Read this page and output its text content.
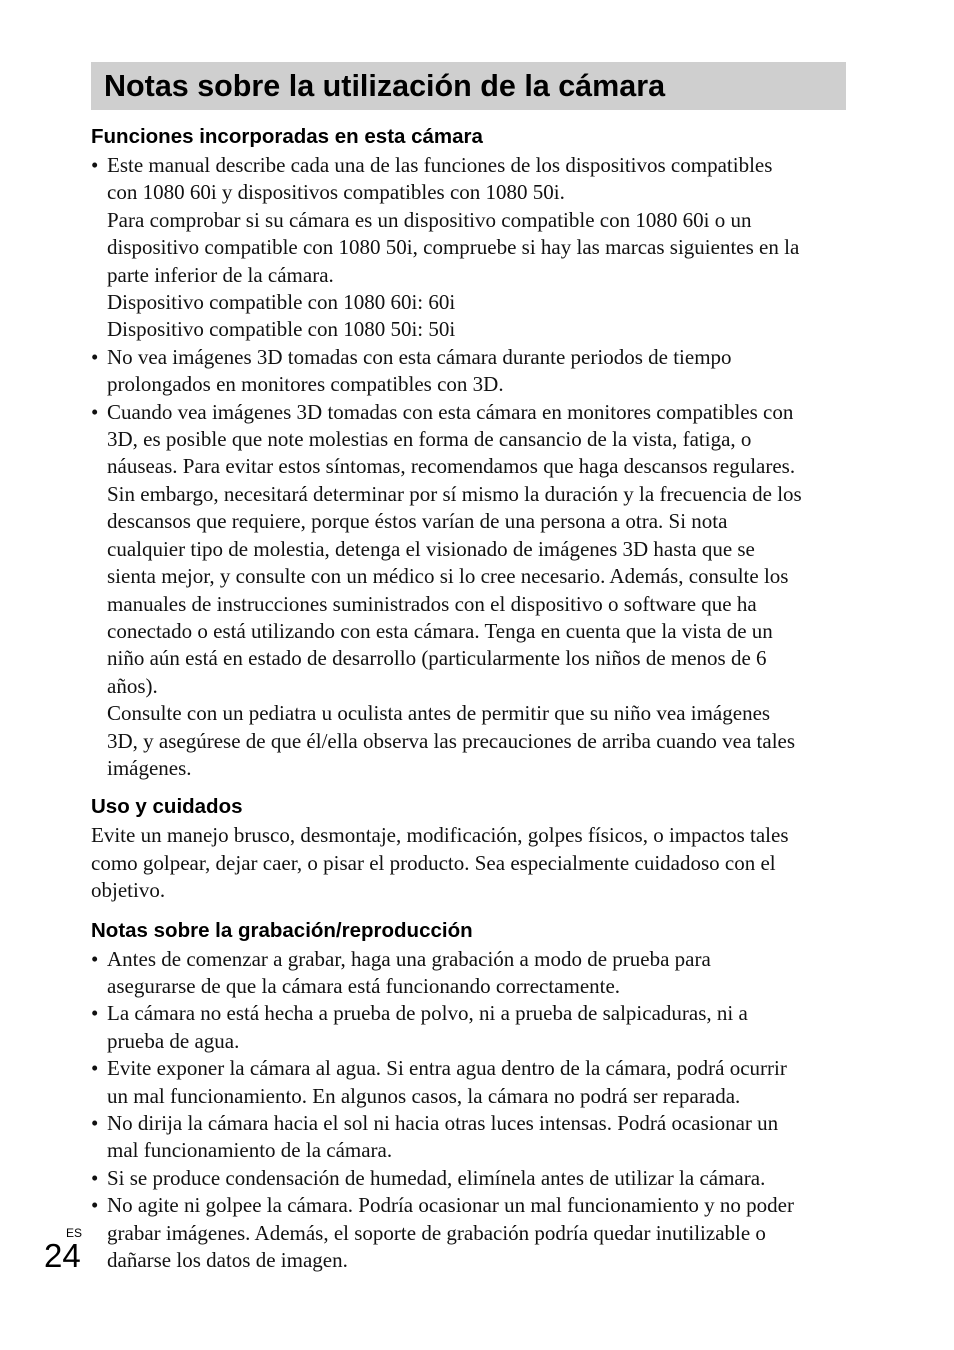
Notas sobre la utilización de la cámara
Funciones incorporadas en esta cámara
• Este manual describe cada una de las funciones de los dispositivos compatibles
con 1080 60i y dispositivos compatibles con 1080 50i.
Para comprobar si su cámara es un dispositivo compatible con 1080 60i o un
dispositivo compatible con 1080 50i, compruebe si hay las marcas siguientes en la
parte inferior de la cámara.
Dispositivo compatible con 1080 60i: 60i
Dispositivo compatible con 1080 50i: 50i
• No vea imágenes 3D tomadas con esta cámara durante periodos de tiempo
prolongados en monitores compatibles con 3D.
• Cuando vea imágenes 3D tomadas con esta cámara en monitores compatibles con
3D, es posible que note molestias en forma de cansancio de la vista, fatiga, o
náuseas. Para evitar estos síntomas, recomendamos que haga descansos regulares.
Sin embargo, necesitará determinar por sí mismo la duración y la frecuencia de los
descansos que requiere, porque éstos varían de una persona a otra. Si nota
cualquier tipo de molestia, detenga el visionado de imágenes 3D hasta que se
sienta mejor, y consulte con un médico si lo cree necesario. Además, consulte los
manuales de instrucciones suministrados con el dispositivo o software que ha
conectado o está utilizando con esta cámara. Tenga en cuenta que la vista de un
niño aún está en estado de desarrollo (particularmente los niños de menos de 6
años).
Consulte con un pediatra u oculista antes de permitir que su niño vea imágenes
3D, y asegúrese de que él/ella observa las precauciones de arriba cuando vea tales
imágenes.
Uso y cuidados

Evite un manejo brusco, desmontaje, modificación, golpes físicos, o impactos tales
como golpear, dejar caer, o pisar el producto. Sea especialmente cuidadoso con el
objetivo.

Notas sobre la grabación/reproducción
• Antes de comenzar a grabar, haga una grabación a modo de prueba para
asegurarse de que la cámara está funcionando correctamente.
• La cámara no está hecha a prueba de polvo, ni a prueba de salpicaduras, ni a
prueba de agua.
• Evite exponer la cámara al agua. Si entra agua dentro de la cámara, podrá ocurrir
un mal funcionamiento. En algunos casos, la cámara no podrá ser reparada.
• No dirija la cámara hacia el sol ni hacia otras luces intensas. Podrá ocasionar un
mal funcionamiento de la cámara.
• Si se produce condensación de humedad, elimínela antes de utilizar la cámara.
• No agite ni golpee la cámara. Podría ocasionar un mal funcionamiento y no poder
grabar imágenes. Además, el soporte de grabación podría quedar inutilizable o
dañarse los datos de imagen.
ES
24
